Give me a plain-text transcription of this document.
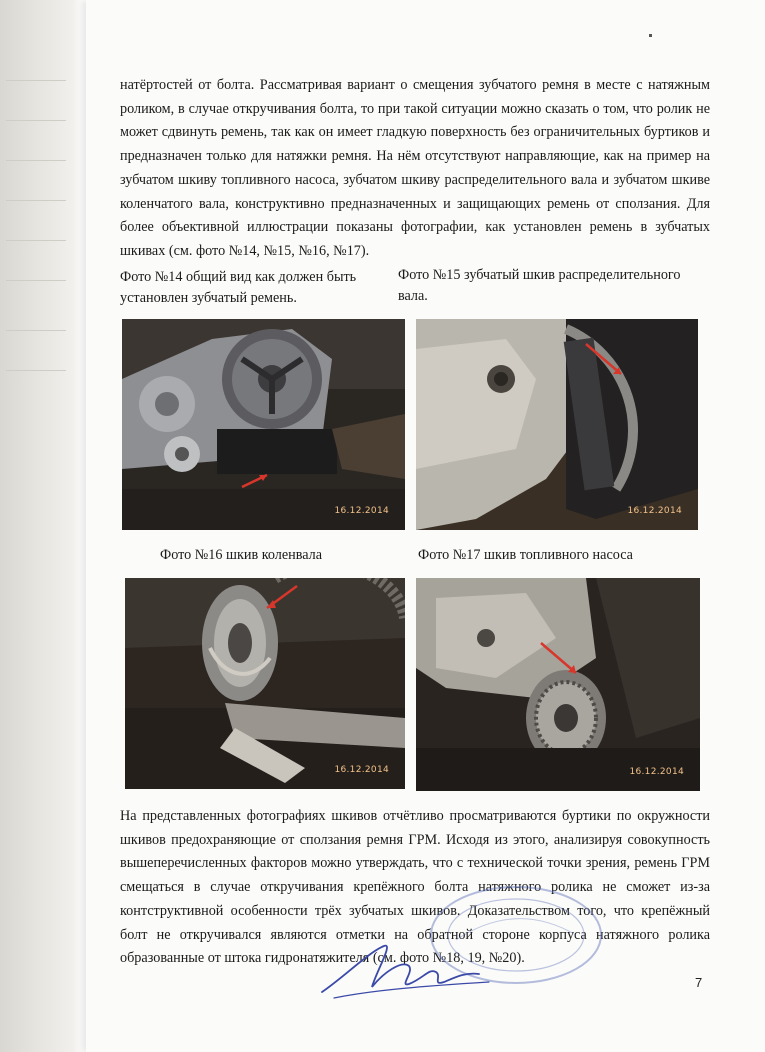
натёртостей от болта. Рассматривая вариант о смещения зубчатого ремня в месте с натяжным роликом, в случае откручивания болта, то при такой ситуации можно сказать о том, что ролик не может сдвинуть ремень, так как он имеет гладкую поверхность без ограничительных буртиков и предназначен только для натяжки ремня. На нём отсутствуют направляющие, как на пример на зубчатом шкиву топливного насоса, зубчатом шкиву распределительного вала и зубчатом шкиве коленчатого вала, конструктивно предназначенных и защищающих ремень от сползания. Для более объективной иллюстрации показаны фотографии, как установлен ремень в зубчатых шкивах (см. фото №14, №15, №16, №17).

Фото №14 общий вид как должен быть установлен зубчатый ремень.

Фото №15 зубчатый шкив распределительного вала.

16.12.2014	16.12.2014

Фото №16 шкив коленвала	Фото №17 шкив топливного насоса

16.12.2014	16.12.2014

На представленных фотографиях шкивов отчётливо просматриваются буртики по окружности шкивов предохраняющие от сползания ремня ГРМ. Исходя из этого, анализируя совокупность вышеперечисленных факторов можно утверждать, что с технической точки зрения, ремень ГРМ смещаться в случае откручивания крепёжного болта натяжного ролика не сможет из-за контструктивной особенности трёх зубчатых шкивов. Доказательством того, что крепёжный болт не откручивался являются отметки на обратной стороне корпуса натяжного ролика образованные от штока гидронатяжителя (см. фото №18, 19, №20).

7
